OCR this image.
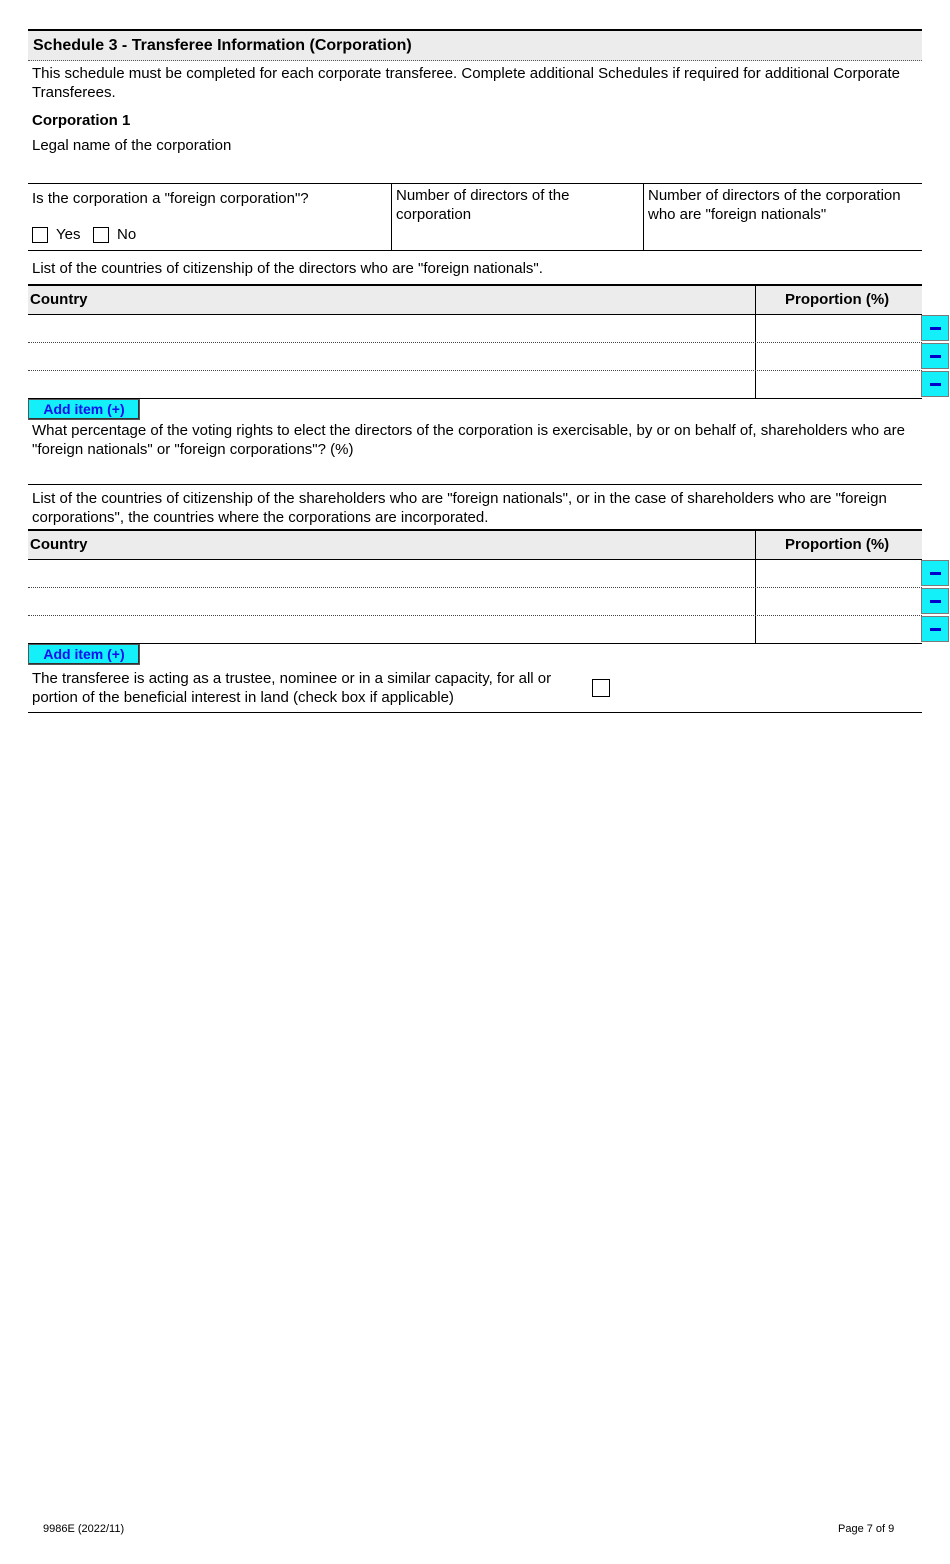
Schedule 3 - Transferee Information (Corporation)
This schedule must be completed for each corporate transferee. Complete additional Schedules if required for additional Corporate Transferees.
Corporation 1
Legal name of the corporation
Is the corporation a "foreign corporation"?
Yes No
Number of directors of the corporation
Number of directors of the corporation who are "foreign nationals"
List of the countries of citizenship of the directors who are "foreign nationals".
Country	Proportion (%)
Add item (+)
What percentage of the voting rights to elect the directors of the corporation is exercisable, by or on behalf of, shareholders who are "foreign nationals" or "foreign corporations"? (%)
List of the countries of citizenship of the shareholders who are "foreign nationals", or in the case of shareholders who are "foreign corporations", the countries where the corporations are incorporated.
Country	Proportion (%)
Add item (+)
The transferee is acting as a trustee, nominee or in a similar capacity, for all or portion of the beneficial interest in land (check box if applicable)
9986E (2022/11)	Page 7 of 9
